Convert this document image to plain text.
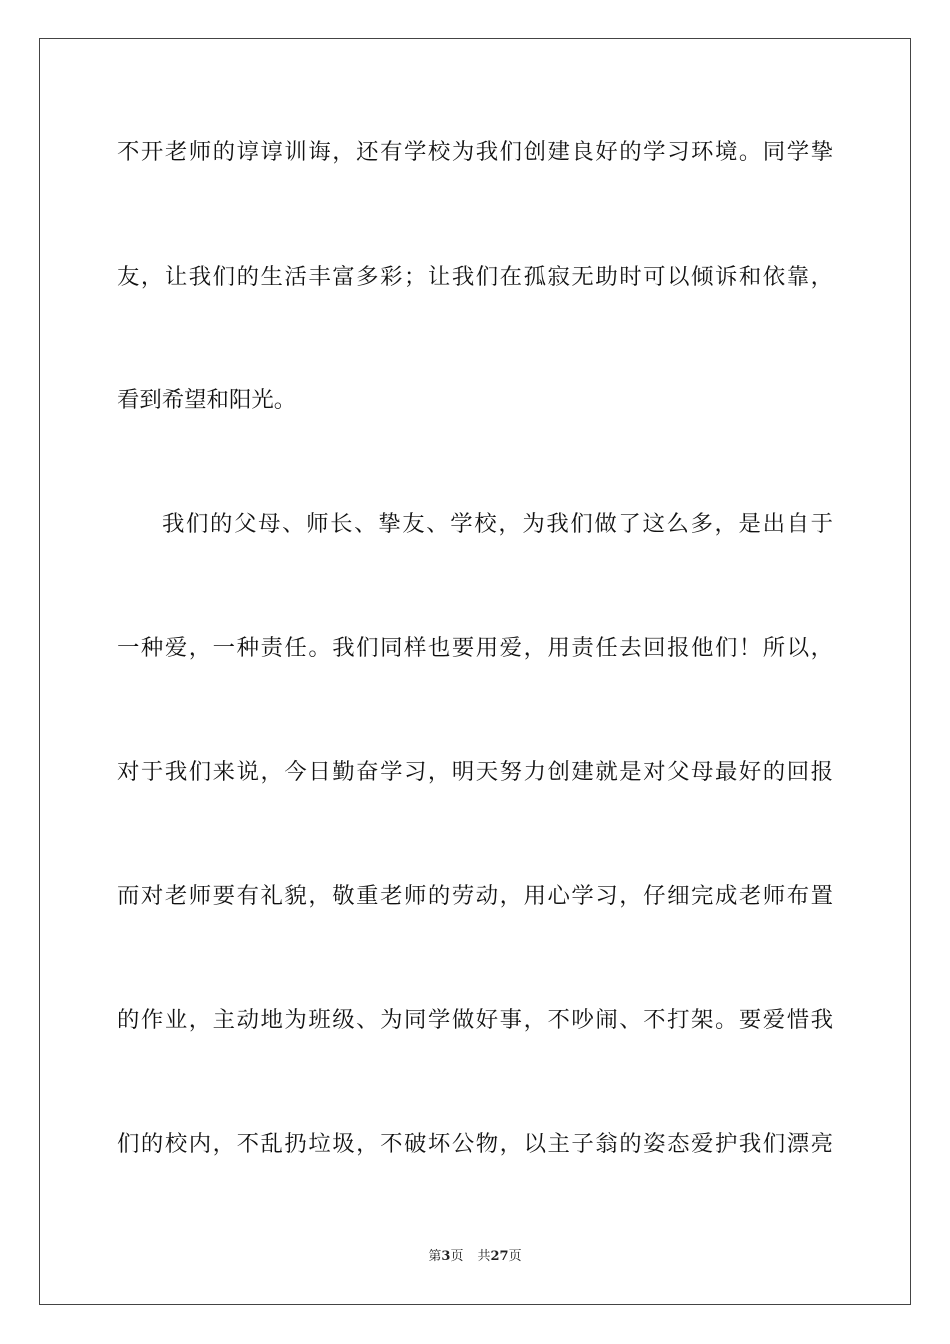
不开老师的谆谆训诲，还有学校为我们创建良好的学习环境。同学挚
友，让我们的生活丰富多彩；让我们在孤寂无助时可以倾诉和依靠，
看到希望和阳光。
我们的父母、师长、挚友、学校，为我们做了这么多，是出自于
一种爱，一种责任。我们同样也要用爱，用责任去回报他们！所以，
对于我们来说，今日勤奋学习，明天努力创建就是对父母最好的回报
而对老师要有礼貌，敬重老师的劳动，用心学习，仔细完成老师布置
的作业，主动地为班级、为同学做好事，不吵闹、不打架。要爱惜我
们的校内，不乱扔垃圾，不破坏公物，以主子翁的姿态爱护我们漂亮
第3页 共27页
